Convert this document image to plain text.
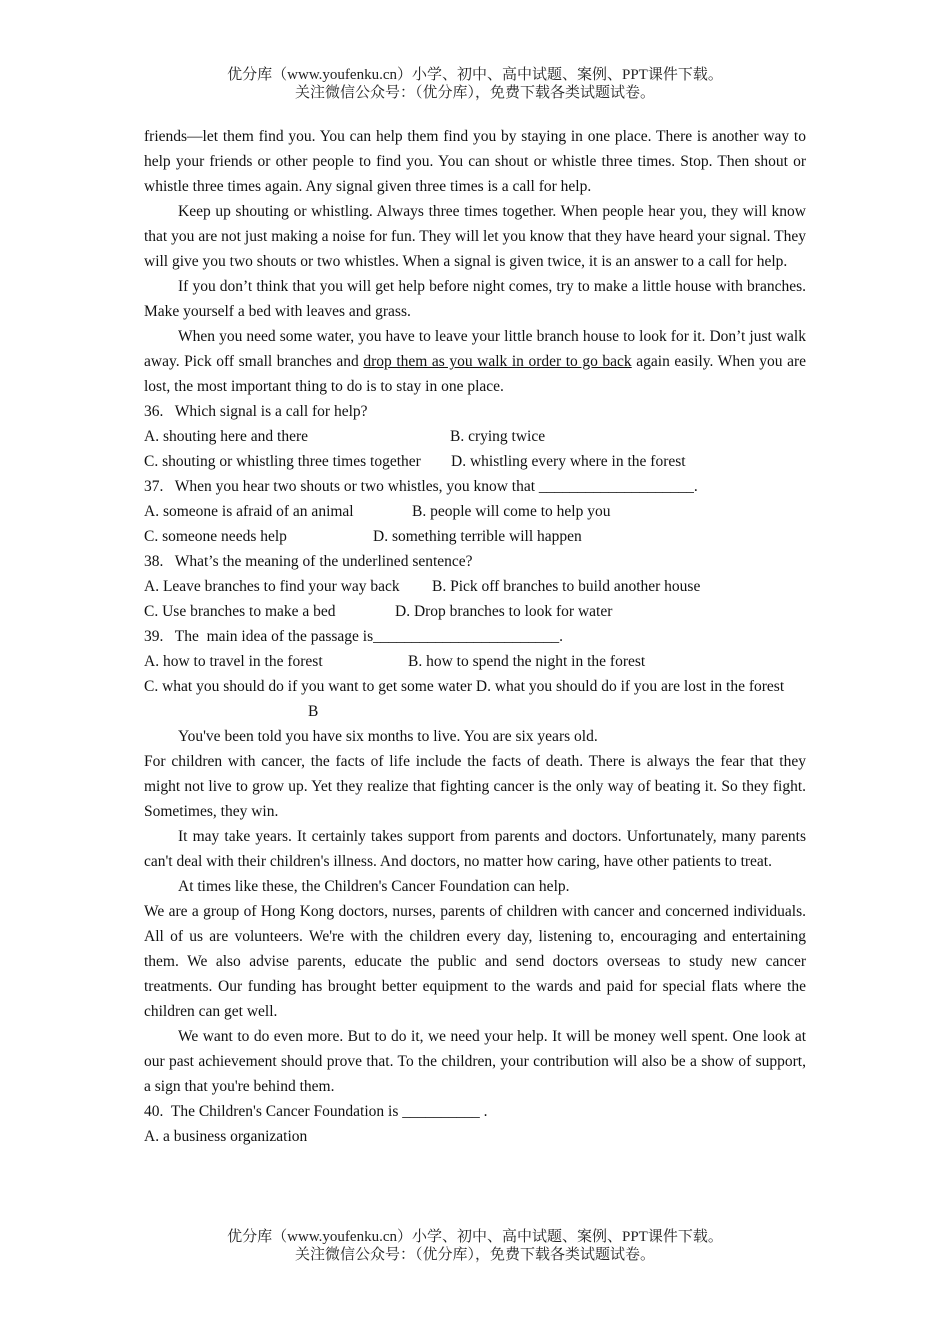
优分库（www.youfenku.cn）小学、初中、高中试题、案例、PPT课件下载。
关注微信公众号：（优分库），免费下载各类试题试卷。

friends—let them find you. You can help them find you by staying in one place. There is another way to help your friends or other people to find you. You can shout or whistle three times. Stop. Then shout or whistle three times again. Any signal given three times is a call for help.

Keep up shouting or whistling. Always three times together. When people hear you, they will know that you are not just making a noise for fun. They will let you know that they have heard your signal. They will give you two shouts or two whistles. When a signal is given twice, it is an answer to a call for help.

If you don’t think that you will get help before night comes, try to make a little house with branches. Make yourself a bed with leaves and grass.

When you need some water, you have to leave your little branch house to look for it. Don’t just walk away. Pick off small branches and drop them as you walk in order to go back again easily. When you are lost, the most important thing to do is to stay in one place.

36.   Which signal is a call for help?

A. shouting here and there	B. crying twice

C. shouting or whistling three times together D. whistling every where in the forest

37.   When you hear two shouts or two whistles, you know that ____________________.

A. someone is afraid of an animal	B. people will come to help you

C. someone needs help	D. something terrible will happen

38.   What’s the meaning of the underlined sentence?

A. Leave branches to find your way back B. Pick off branches to build another house

C. Use branches to make a bed	D. Drop branches to look for water

39.   The  main idea of the passage is________________________.

A. how to travel in the forest	B. how to spend the night in the forest

C. what you should do if you want to get some water D. what you should do if you are lost in the forest

B

You've been told you have six months to live. You are six years old.

For children with cancer, the facts of life include the facts of death. There is always the fear that they might not live to grow up. Yet they realize that fighting cancer is the only way of beating it. So they fight. Sometimes, they win.

It may take years. It certainly takes support from parents and doctors. Unfortunately, many parents can't deal with their children's illness. And doctors, no matter how caring, have other patients to treat.

At times like these, the Children's Cancer Foundation can help.

We are a group of Hong Kong doctors, nurses, parents of children with cancer and concerned individuals. All of us are volunteers. We're with the children every day, listening to, encouraging and entertaining them. We also advise parents, educate the public and send doctors overseas to study new cancer treatments. Our funding has brought better equipment to the wards and paid for special flats where the children can get well.

We want to do even more. But to do it, we need your help. It will be money well spent. One look at our past achievement should prove that. To the children, your contribution will also be a show of support, a sign that you're behind them.

40.  The Children's Cancer Foundation is __________ .

A. a business organization

优分库（www.youfenku.cn）小学、初中、高中试题、案例、PPT课件下载。
关注微信公众号：（优分库），免费下载各类试题试卷。
